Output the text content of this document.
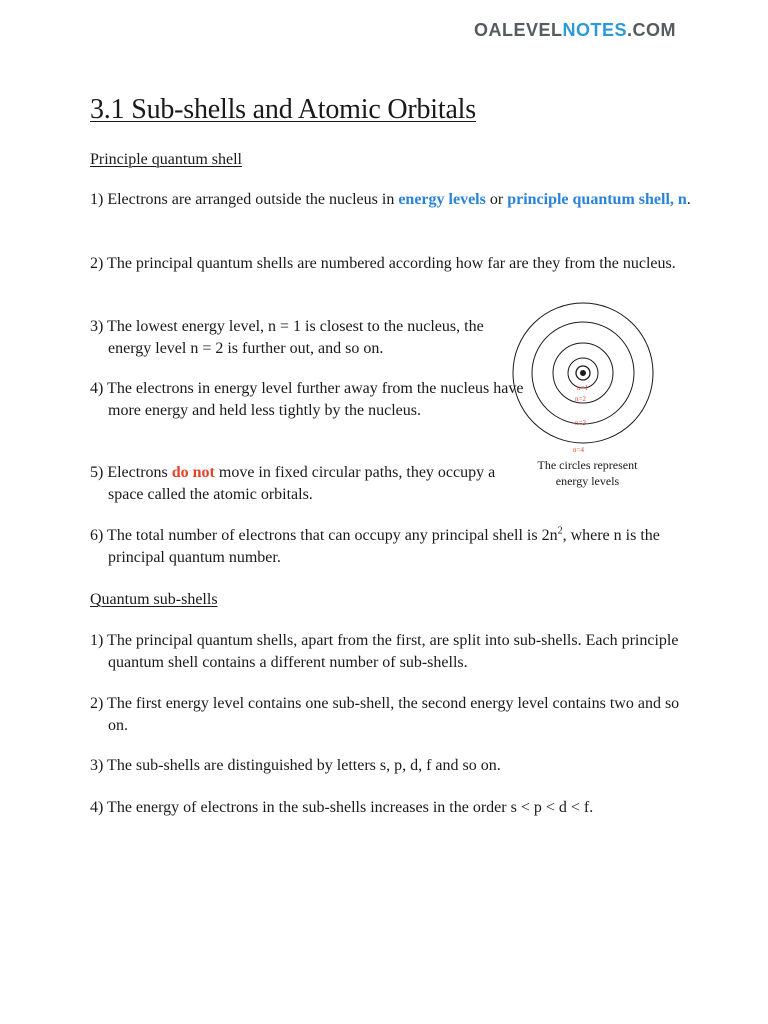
OALEVELNOTES.COM
3.1 Sub-shells and Atomic Orbitals
Principle quantum shell

1) Electrons are arranged outside the nucleus in energy levels or principle quantum shell, n.

2) The principal quantum shells are numbered according how far are they from the nucleus.

3) The lowest energy level, n = 1 is closest to the nucleus, the energy level n = 2 is further out, and so on.

4) The electrons in energy level further away from the nucleus have more energy and held less tightly by the nucleus.

5) Electrons do not move in fixed circular paths, they occupy a space called the atomic orbitals.

6) The total number of electrons that can occupy any principal shell is $2n^2$, where n is the principal quantum number.

n=1
n=2
n=3
n=4
The circles represent energy levels
Quantum sub-shells

1) The principal quantum shells, apart from the first, are split into sub-shells. Each principle quantum shell contains a different number of sub-shells.

2) The first energy level contains one sub-shell, the second energy level contains two and so on.

3) The sub-shells are distinguished by letters s, p, d, f and so on.

4) The energy of electrons in the sub-shells increases in the order s < p < d < f.
